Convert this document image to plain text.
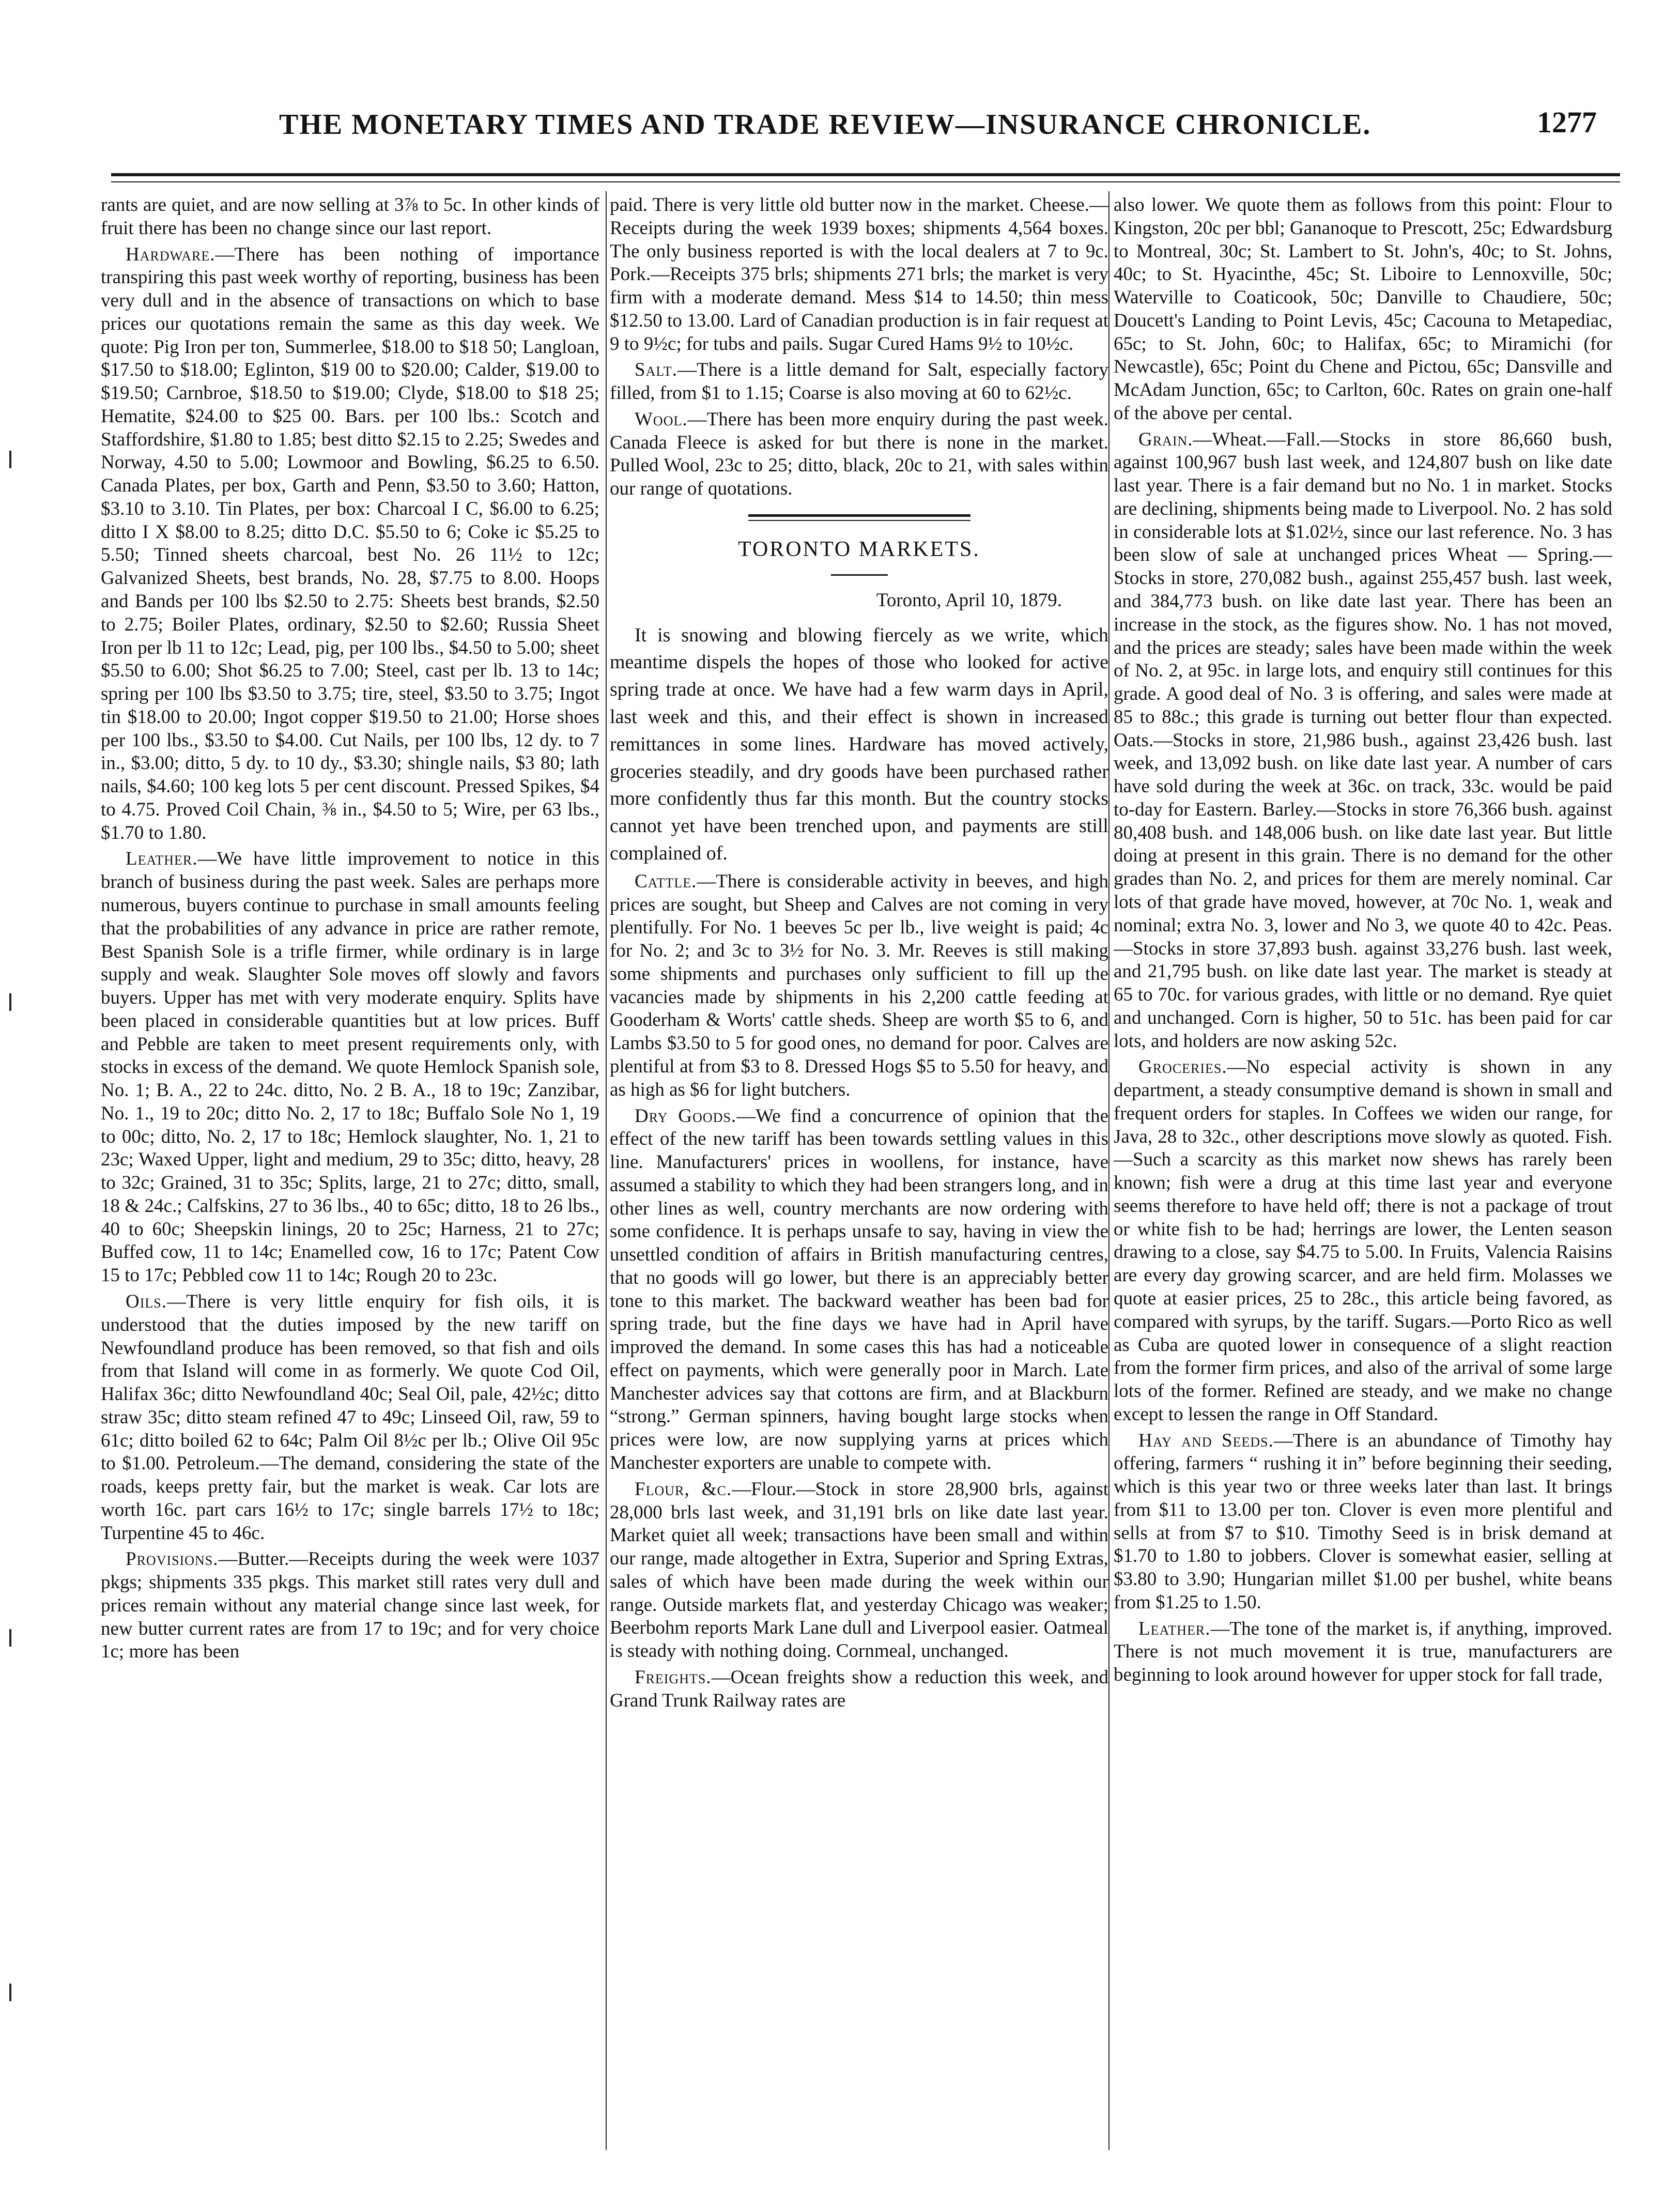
THE MONETARY TIMES AND TRADE REVIEW—INSURANCE CHRONICLE.	1277

rants are quiet, and are now selling at 3⅞ to 5c. In other kinds of fruit there has been no change since our last report.

Hardware.—There has been nothing of importance transpiring this past week worthy of reporting, business has been very dull and in the absence of transactions on which to base prices our quotations remain the same as this day week. We quote: Pig Iron per ton, Summerlee, $18.00 to $18 50; Langloan, $17.50 to $18.00; Eglinton, $19 00 to $20.00; Calder, $19.00 to $19.50; Carnbroe, $18.50 to $19.00; Clyde, $18.00 to $18 25; Hematite, $24.00 to $25 00. Bars. per 100 lbs.: Scotch and Staffordshire, $1.80 to 1.85; best ditto $2.15 to 2.25; Swedes and Norway, 4.50 to 5.00; Lowmoor and Bowling, $6.25 to 6.50. Canada Plates, per box, Garth and Penn, $3.50 to 3.60; Hatton, $3.10 to 3.10. Tin Plates, per box: Charcoal I C, $6.00 to 6.25; ditto I X $8.00 to 8.25; ditto D.C. $5.50 to 6; Coke ic $5.25 to 5.50; Tinned sheets charcoal, best No. 26 11½ to 12c; Galvanized Sheets, best brands, No. 28, $7.75 to 8.00. Hoops and Bands per 100 lbs $2.50 to 2.75: Sheets best brands, $2.50 to 2.75; Boiler Plates, ordinary, $2.50 to $2.60; Russia Sheet Iron per lb 11 to 12c; Lead, pig, per 100 lbs., $4.50 to 5.00; sheet $5.50 to 6.00; Shot $6.25 to 7.00; Steel, cast per lb. 13 to 14c; spring per 100 lbs $3.50 to 3.75; tire, steel, $3.50 to 3.75; Ingot tin $18.00 to 20.00; Ingot copper $19.50 to 21.00; Horse shoes per 100 lbs., $3.50 to $4.00. Cut Nails, per 100 lbs, 12 dy. to 7 in., $3.00; ditto, 5 dy. to 10 dy., $3.30; shingle nails, $3 80; lath nails, $4.60; 100 keg lots 5 per cent discount. Pressed Spikes, $4 to 4.75. Proved Coil Chain, ⅜ in., $4.50 to 5; Wire, per 63 lbs., $1.70 to 1.80.

Leather.—We have little improvement to notice in this branch of business during the past week. Sales are perhaps more numerous, buyers continue to purchase in small amounts feeling that the probabilities of any advance in price are rather remote, Best Spanish Sole is a trifle firmer, while ordinary is in large supply and weak. Slaughter Sole moves off slowly and favors buyers. Upper has met with very moderate enquiry. Splits have been placed in considerable quantities but at low prices. Buff and Pebble are taken to meet present requirements only, with stocks in excess of the demand. We quote Hemlock Spanish sole, No. 1; B. A., 22 to 24c. ditto, No. 2 B. A., 18 to 19c; Zanzibar, No. 1., 19 to 20c; ditto No. 2, 17 to 18c; Buffalo Sole No 1, 19 to 00c; ditto, No. 2, 17 to 18c; Hemlock slaughter, No. 1, 21 to 23c; Waxed Upper, light and medium, 29 to 35c; ditto, heavy, 28 to 32c; Grained, 31 to 35c; Splits, large, 21 to 27c; ditto, small, 18 & 24c.; Calfskins, 27 to 36 lbs., 40 to 65c; ditto, 18 to 26 lbs., 40 to 60c; Sheepskin linings, 20 to 25c; Harness, 21 to 27c; Buffed cow, 11 to 14c; Enamelled cow, 16 to 17c; Patent Cow 15 to 17c; Pebbled cow 11 to 14c; Rough 20 to 23c.

Oils.—There is very little enquiry for fish oils, it is understood that the duties imposed by the new tariff on Newfoundland produce has been removed, so that fish and oils from that Island will come in as formerly. We quote Cod Oil, Halifax 36c; ditto Newfoundland 40c; Seal Oil, pale, 42½c; ditto straw 35c; ditto steam refined 47 to 49c; Linseed Oil, raw, 59 to 61c; ditto boiled 62 to 64c; Palm Oil 8½c per lb.; Olive Oil 95c to $1.00. Petroleum.—The demand, considering the state of the roads, keeps pretty fair, but the market is weak. Car lots are worth 16c. part cars 16½ to 17c; single barrels 17½ to 18c; Turpentine 45 to 46c.

Provisions.—Butter.—Receipts during the week were 1037 pkgs; shipments 335 pkgs. This market still rates very dull and prices remain without any material change since last week, for new butter current rates are from 17 to 19c; and for very choice 1c; more has been

paid. There is very little old butter now in the market. Cheese.—Receipts during the week 1939 boxes; shipments 4,564 boxes. The only business reported is with the local dealers at 7 to 9c. Pork.—Receipts 375 brls; shipments 271 brls; the market is very firm with a moderate demand. Mess $14 to 14.50; thin mess $12.50 to 13.00. Lard of Canadian production is in fair request at 9 to 9½c; for tubs and pails. Sugar Cured Hams 9½ to 10½c.

Salt.—There is a little demand for Salt, especially factory filled, from $1 to 1.15; Coarse is also moving at 60 to 62½c.

Wool.—There has been more enquiry during the past week. Canada Fleece is asked for but there is none in the market. Pulled Wool, 23c to 25; ditto, black, 20c to 21, with sales within our range of quotations.

TORONTO MARKETS.

Toronto, April 10, 1879.

It is snowing and blowing fiercely as we write, which meantime dispels the hopes of those who looked for active spring trade at once. We have had a few warm days in April, last week and this, and their effect is shown in increased remittances in some lines. Hardware has moved actively, groceries steadily, and dry goods have been purchased rather more confidently thus far this month. But the country stocks cannot yet have been trenched upon, and payments are still complained of.

Cattle.—There is considerable activity in beeves, and high prices are sought, but Sheep and Calves are not coming in very plentifully. For No. 1 beeves 5c per lb., live weight is paid; 4c for No. 2; and 3c to 3½ for No. 3. Mr. Reeves is still making some shipments and purchases only sufficient to fill up the vacancies made by shipments in his 2,200 cattle feeding at Gooderham & Worts' cattle sheds. Sheep are worth $5 to 6, and Lambs $3.50 to 5 for good ones, no demand for poor. Calves are plentiful at from $3 to 8. Dressed Hogs $5 to 5.50 for heavy, and as high as $6 for light butchers.

Dry Goods.—We find a concurrence of opinion that the effect of the new tariff has been towards settling values in this line. Manufacturers' prices in woollens, for instance, have assumed a stability to which they had been strangers long, and in other lines as well, country merchants are now ordering with some confidence. It is perhaps unsafe to say, having in view the unsettled condition of affairs in British manufacturing centres, that no goods will go lower, but there is an appreciably better tone to this market. The backward weather has been bad for spring trade, but the fine days we have had in April have improved the demand. In some cases this has had a noticeable effect on payments, which were generally poor in March. Late Manchester advices say that cottons are firm, and at Blackburn “strong.” German spinners, having bought large stocks when prices were low, are now supplying yarns at prices which Manchester exporters are unable to compete with.

Flour, &c.—Flour.—Stock in store 28,900 brls, against 28,000 brls last week, and 31,191 brls on like date last year. Market quiet all week; transactions have been small and within our range, made altogether in Extra, Superior and Spring Extras, sales of which have been made during the week within our range. Outside markets flat, and yesterday Chicago was weaker; Beerbohm reports Mark Lane dull and Liverpool easier. Oatmeal is steady with nothing doing. Cornmeal, unchanged.

Freights.—Ocean freights show a reduction this week, and Grand Trunk Railway rates are

also lower. We quote them as follows from this point: Flour to Kingston, 20c per bbl; Gananoque to Prescott, 25c; Edwardsburg to Montreal, 30c; St. Lambert to St. John's, 40c; to St. Johns, 40c; to St. Hyacinthe, 45c; St. Liboire to Lennoxville, 50c; Waterville to Coaticook, 50c; Danville to Chaudiere, 50c; Doucett's Landing to Point Levis, 45c; Cacouna to Metapediac, 65c; to St. John, 60c; to Halifax, 65c; to Miramichi (for Newcastle), 65c; Point du Chene and Pictou, 65c; Dansville and McAdam Junction, 65c; to Carlton, 60c. Rates on grain one-half of the above per cental.

Grain.—Wheat.—Fall.—Stocks in store 86,660 bush, against 100,967 bush last week, and 124,807 bush on like date last year. There is a fair demand but no No. 1 in market. Stocks are declining, shipments being made to Liverpool. No. 2 has sold in considerable lots at $1.02½, since our last reference. No. 3 has been slow of sale at unchanged prices Wheat — Spring.— Stocks in store, 270,082 bush., against 255,457 bush. last week, and 384,773 bush. on like date last year. There has been an increase in the stock, as the figures show. No. 1 has not moved, and the prices are steady; sales have been made within the week of No. 2, at 95c. in large lots, and enquiry still continues for this grade. A good deal of No. 3 is offering, and sales were made at 85 to 88c.; this grade is turning out better flour than expected. Oats.—Stocks in store, 21,986 bush., against 23,426 bush. last week, and 13,092 bush. on like date last year. A number of cars have sold during the week at 36c. on track, 33c. would be paid to-day for Eastern. Barley.—Stocks in store 76,366 bush. against 80,408 bush. and 148,006 bush. on like date last year. But little doing at present in this grain. There is no demand for the other grades than No. 2, and prices for them are merely nominal. Car lots of that grade have moved, however, at 70c No. 1, weak and nominal; extra No. 3, lower and No 3, we quote 40 to 42c. Peas.—Stocks in store 37,893 bush. against 33,276 bush. last week, and 21,795 bush. on like date last year. The market is steady at 65 to 70c. for various grades, with little or no demand. Rye quiet and unchanged. Corn is higher, 50 to 51c. has been paid for car lots, and holders are now asking 52c.

Groceries.—No especial activity is shown in any department, a steady consumptive demand is shown in small and frequent orders for staples. In Coffees we widen our range, for Java, 28 to 32c., other descriptions move slowly as quoted. Fish.—Such a scarcity as this market now shews has rarely been known; fish were a drug at this time last year and everyone seems therefore to have held off; there is not a package of trout or white fish to be had; herrings are lower, the Lenten season drawing to a close, say $4.75 to 5.00. In Fruits, Valencia Raisins are every day growing scarcer, and are held firm. Molasses we quote at easier prices, 25 to 28c., this article being favored, as compared with syrups, by the tariff. Sugars.—Porto Rico as well as Cuba are quoted lower in consequence of a slight reaction from the former firm prices, and also of the arrival of some large lots of the former. Refined are steady, and we make no change except to lessen the range in Off Standard.

Hay and Seeds.—There is an abundance of Timothy hay offering, farmers “ rushing it in” before beginning their seeding, which is this year two or three weeks later than last. It brings from $11 to 13.00 per ton. Clover is even more plentiful and sells at from $7 to $10. Timothy Seed is in brisk demand at $1.70 to 1.80 to jobbers. Clover is somewhat easier, selling at $3.80 to 3.90; Hungarian millet $1.00 per bushel, white beans from $1.25 to 1.50.

Leather.—The tone of the market is, if anything, improved. There is not much movement it is true, manufacturers are beginning to look around however for upper stock for fall trade,
